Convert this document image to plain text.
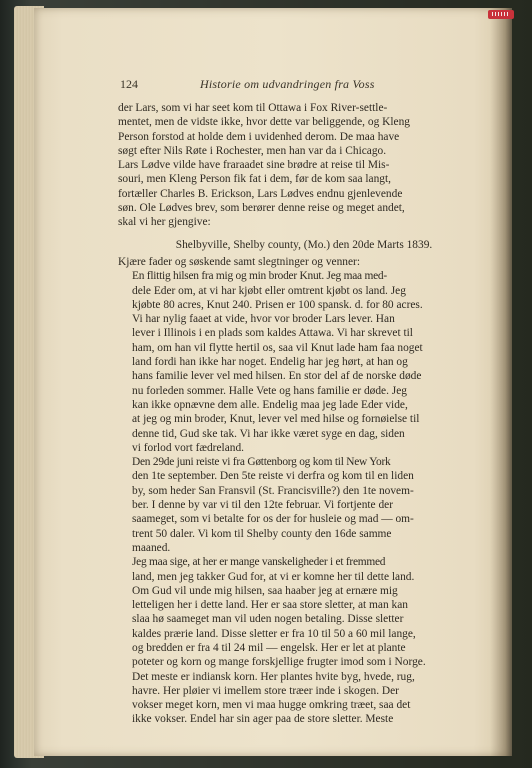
124	Historie om udvandringen fra Voss

der Lars, som vi har seet kom til Ottawa i Fox River-settle-
mentet, men de vidste ikke, hvor dette var beliggende, og Kleng
Person forstod at holde dem i uvidenhed derom. De maa have
søgt efter Nils Røte i Rochester, men han var da i Chicago.
Lars Lødve vilde have fraraadet sine brødre at reise til Mis-
souri, men Kleng Person fik fat i dem, før de kom saa langt,
fortæller Charles B. Erickson, Lars Lødves endnu gjenlevende
søn. Ole Lødves brev, som berører denne reise og meget andet,
skal vi her gjengive:

Shelbyville, Shelby county, (Mo.) den 20de Marts 1839.

Kjære fader og søskende samt slegtninger og venner:

En flittig hilsen fra mig og min broder Knut. Jeg maa med-
dele Eder om, at vi har kjøbt eller omtrent kjøbt os land. Jeg
kjøbte 80 acres, Knut 240. Prisen er 100 spansk. d. for 80 acres.
Vi har nylig faaet at vide, hvor vor broder Lars lever. Han
lever i Illinois i en plads som kaldes Attawa. Vi har skrevet til
ham, om han vil flytte hertil os, saa vil Knut lade ham faa noget
land fordi han ikke har noget. Endelig har jeg hørt, at han og
hans familie lever vel med hilsen. En stor del af de norske døde
nu forleden sommer. Halle Vete og hans familie er døde. Jeg
kan ikke opnævne dem alle. Endelig maa jeg lade Eder vide,
at jeg og min broder, Knut, lever vel med hilse og fornøielse til
denne tid, Gud ske tak. Vi har ikke været syge en dag, siden
vi forlod vort fædreland.

Den 29de juni reiste vi fra Gøttenborg og kom til New York
den 1te september. Den 5te reiste vi derfra og kom til en liden
by, som heder San Fransvil (St. Francisville?) den 1te novem-
ber. I denne by var vi til den 12te februar. Vi fortjente der
saameget, som vi betalte for os der for husleie og mad — om-
trent 50 daler. Vi kom til Shelby county den 16de samme
maaned.

Jeg maa sige, at her er mange vanskeligheder i et fremmed
land, men jeg takker Gud for, at vi er komne her til dette land.
Om Gud vil unde mig hilsen, saa haaber jeg at ernære mig
letteligen her i dette land. Her er saa store sletter, at man kan
slaa hø saameget man vil uden nogen betaling. Disse sletter
kaldes prærie land. Disse sletter er fra 10 til 50 a 60 mil lange,
og bredden er fra 4 til 24 mil — engelsk. Her er let at plante
poteter og korn og mange forskjellige frugter imod som i Norge.
Det meste er indiansk korn. Her plantes hvite byg, hvede, rug,
havre. Her pløier vi imellem store træer inde i skogen. Der
vokser meget korn, men vi maa hugge omkring træet, saa det
ikke vokser. Endel har sin ager paa de store sletter. Meste
